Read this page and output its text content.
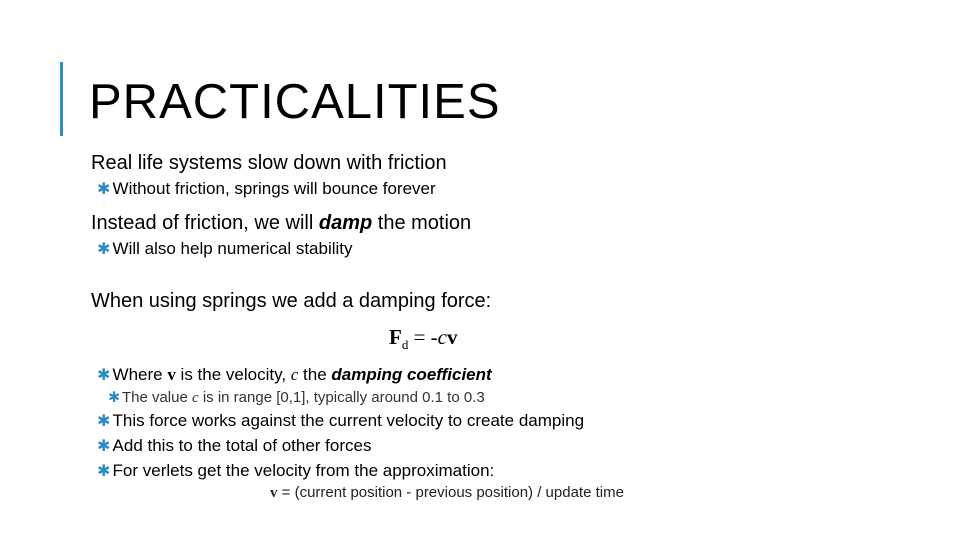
PRACTICALITIES
Real life systems slow down with friction
✱ Without friction, springs will bounce forever
Instead of friction, we will damp the motion
✱ Will also help numerical stability
When using springs we add a damping force:
$F_d = -cv$
✱ Where v is the velocity, c the damping coefficient
✱ The value c is in range [0,1], typically around 0.1 to 0.3
✱ This force works against the current velocity to create damping
✱ Add this to the total of other forces
✱ For verlets get the velocity from the approximation:
v = (current position - previous position) / update time
